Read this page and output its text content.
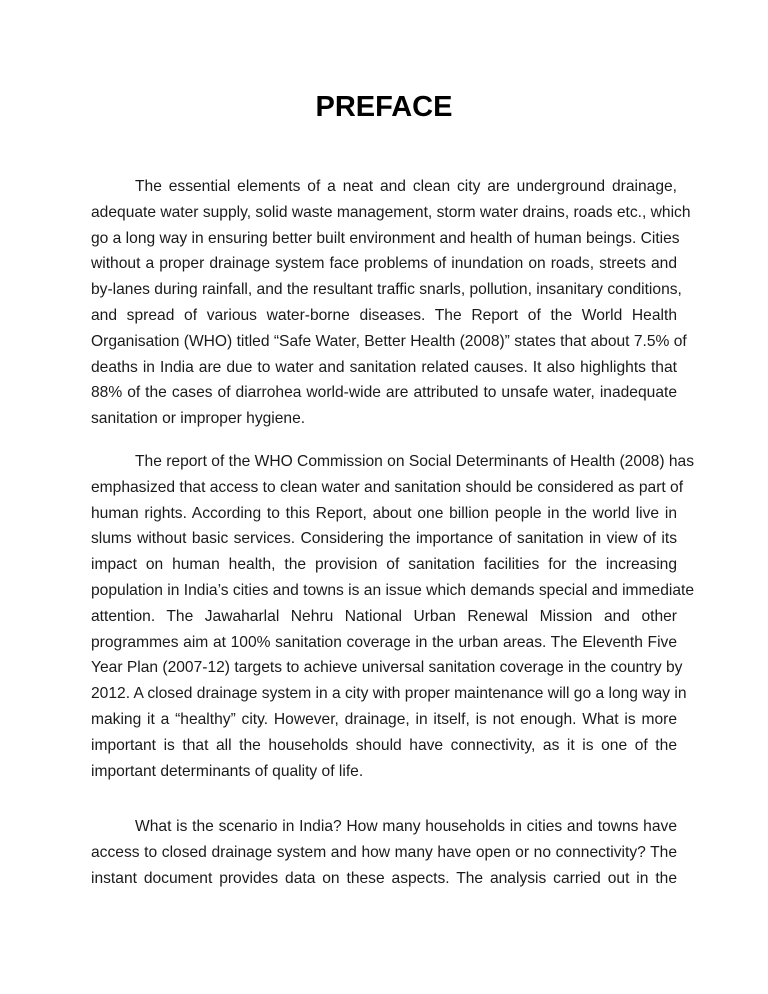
PREFACE
The essential elements of a neat and clean city are underground drainage,
adequate water supply, solid waste management, storm water drains, roads etc., which
go a long way in ensuring better built environment and health of human beings. Cities
without a proper drainage system face problems of inundation on roads, streets and
by-lanes during rainfall, and the resultant traffic snarls, pollution, insanitary conditions,
and spread of various water-borne diseases. The Report of the World Health
Organisation (WHO) titled “Safe Water, Better Health (2008)” states that about 7.5% of
deaths in India are due to water and sanitation related causes. It also highlights that
88% of the cases of diarrohea world-wide are attributed to unsafe water, inadequate
sanitation or improper hygiene.
The report of the WHO Commission on Social Determinants of Health (2008) has
emphasized that access to clean water and sanitation should be considered as part of
human rights. According to this Report, about one billion people in the world live in
slums without basic services. Considering the importance of sanitation in view of its
impact on human health, the provision of sanitation facilities for the increasing
population in India’s cities and towns is an issue which demands special and immediate
attention. The Jawaharlal Nehru National Urban Renewal Mission and other
programmes aim at 100% sanitation coverage in the urban areas. The Eleventh Five
Year Plan (2007-12) targets to achieve universal sanitation coverage in the country by
2012. A closed drainage system in a city with proper maintenance will go a long way in
making it a “healthy” city. However, drainage, in itself, is not enough. What is more
important is that all the households should have connectivity, as it is one of the
important determinants of quality of life.
What is the scenario in India? How many households in cities and towns have
access to closed drainage system and how many have open or no connectivity? The
instant document provides data on these aspects. The analysis carried out in the
